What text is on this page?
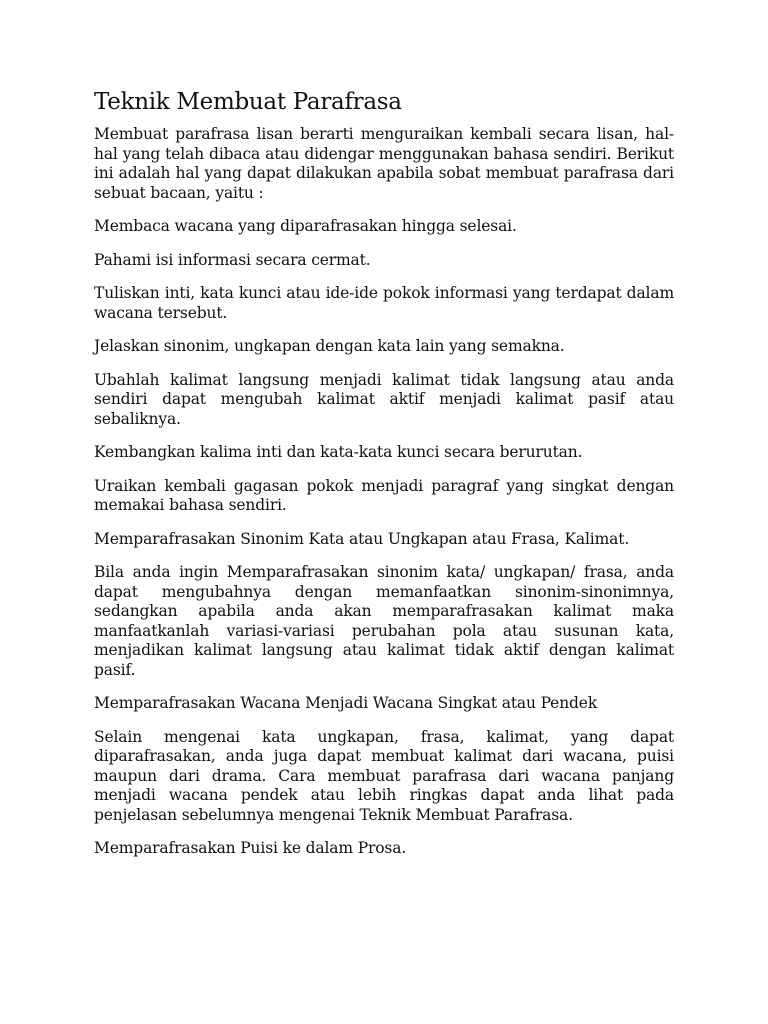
Teknik Membuat Parafrasa

Membuat parafrasa lisan berarti menguraikan kembali secara lisan, hal-hal yang telah dibaca atau didengar menggunakan bahasa sendiri. Berikut ini adalah hal yang dapat dilakukan apabila sobat membuat parafrasa dari sebuat bacaan, yaitu :

Membaca wacana yang diparafrasakan hingga selesai.

Pahami isi informasi secara cermat.

Tuliskan inti, kata kunci atau ide-ide pokok informasi yang terdapat dalam wacana tersebut.

Jelaskan sinonim, ungkapan dengan kata lain yang semakna.

Ubahlah kalimat langsung menjadi kalimat tidak langsung atau anda sendiri dapat mengubah kalimat aktif menjadi kalimat pasif atau sebaliknya.

Kembangkan kalima inti dan kata-kata kunci secara berurutan.

Uraikan kembali gagasan pokok menjadi paragraf yang singkat dengan memakai bahasa sendiri.

Memparafrasakan Sinonim Kata atau Ungkapan atau Frasa, Kalimat.

Bila anda ingin Memparafrasakan sinonim kata/ ungkapan/ frasa, anda dapat mengubahnya dengan memanfaatkan sinonim-sinonimnya, sedangkan apabila anda akan memparafrasakan kalimat maka manfaatkanlah variasi-variasi perubahan pola atau susunan kata, menjadikan kalimat langsung atau kalimat tidak aktif dengan kalimat pasif.

Memparafrasakan Wacana Menjadi Wacana Singkat atau Pendek

Selain mengenai kata ungkapan, frasa, kalimat, yang dapat diparafrasakan, anda juga dapat membuat kalimat dari wacana, puisi maupun dari drama. Cara membuat parafrasa dari wacana panjang menjadi wacana pendek atau lebih ringkas dapat anda lihat pada penjelasan sebelumnya mengenai Teknik Membuat Parafrasa.

Memparafrasakan Puisi ke dalam Prosa.
